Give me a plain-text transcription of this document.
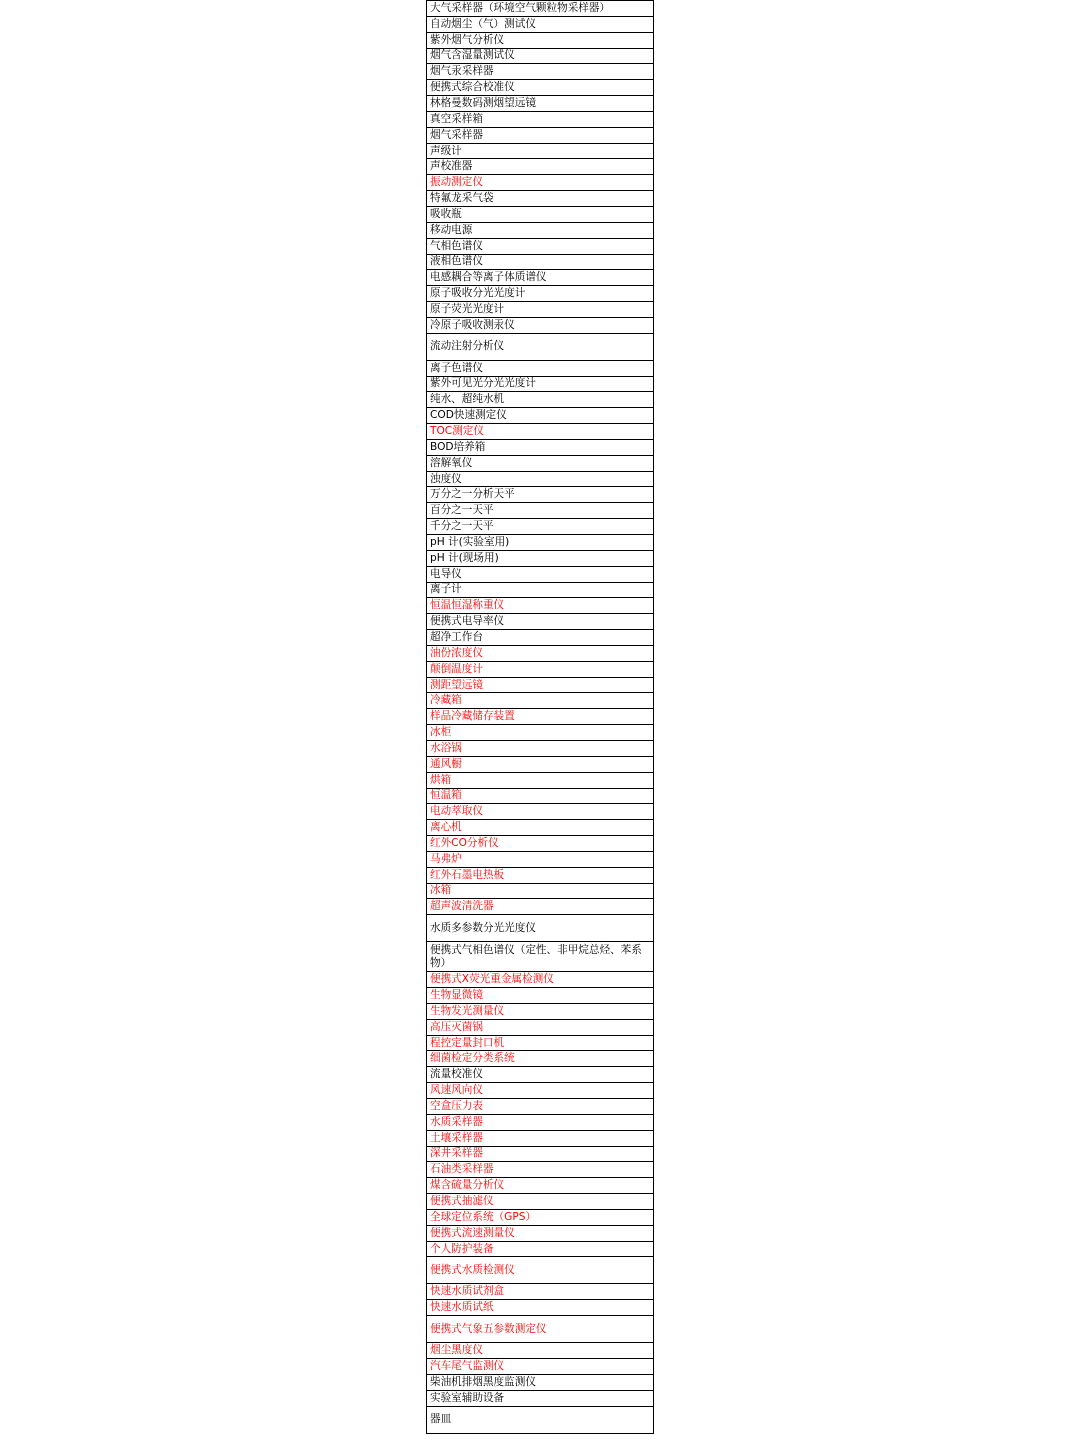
大气采样器（环境空气颗粒物采样器）
自动烟尘（气）测试仪
紫外烟气分析仪
烟气含湿量测试仪
烟气汞采样器
便携式综合校准仪
林格曼数码测烟望远镜
真空采样箱
烟气采样器
声级计
声校准器
振动测定仪
特氟龙采气袋
吸收瓶
移动电源
气相色谱仪
液相色谱仪
电感耦合等离子体质谱仪
原子吸收分光光度计
原子荧光光度计
冷原子吸收测汞仪
流动注射分析仪
离子色谱仪
紫外可见光分光光度计
纯水、超纯水机
COD快速测定仪
TOC测定仪
BOD培养箱
溶解氧仪
浊度仪
万分之一分析天平
百分之一天平
千分之一天平
pH 计(实验室用)
pH 计(现场用)
电导仪
离子计
恒温恒湿称重仪
便携式电导率仪
超净工作台
油份浓度仪
颠倒温度计
测距望远镜
冷藏箱
样品冷藏储存装置
冰柜
水浴锅
通风橱
烘箱
恒温箱
电动萃取仪
离心机
红外CO分析仪
马弗炉
红外石墨电热板
冰箱
超声波清洗器
水质多参数分光光度仪
便携式气相色谱仪（定性、非甲烷总烃、苯系物）
便携式X荧光重金属检测仪
生物显微镜
生物发光测量仪
高压灭菌锅
程控定量封口机
细菌检定分类系统
流量校准仪
风速风向仪
空盒压力表
水质采样器
土壤采样器
深井采样器
石油类采样器
煤含硫量分析仪
便携式抽滤仪
全球定位系统（GPS）
便携式流速测量仪
个人防护装备
便携式水质检测仪
快速水质试剂盒
快速水质试纸
便携式气象五参数测定仪
烟尘黑度仪
汽车尾气监测仪
柴油机排烟黑度监测仪
实验室辅助设备
器皿
